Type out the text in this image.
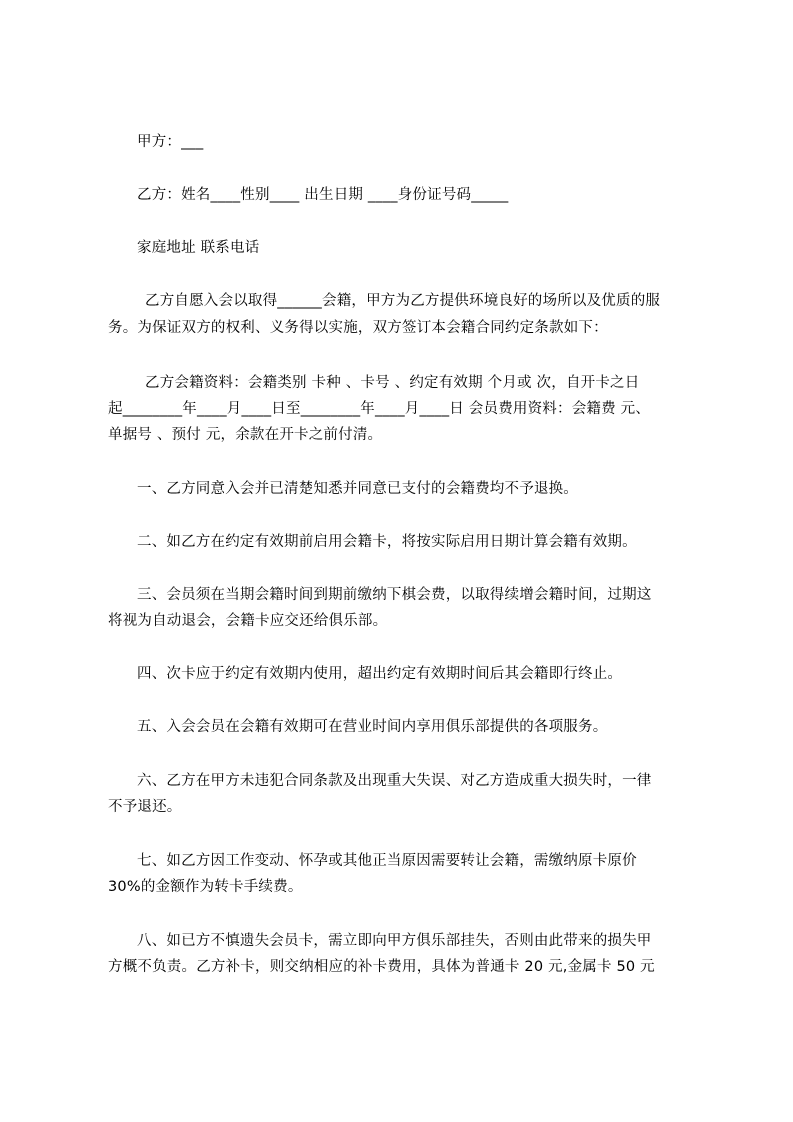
甲方：___
乙方：姓名____性别____ 出生日期 ____身份证号码_____
家庭地址 联系电话
乙方自愿入会以取得______会籍，甲方为乙方提供环境良好的场所以及优质的服
务。为保证双方的权利、义务得以实施，双方签订本会籍合同约定条款如下：
乙方会籍资料：会籍类别 卡种 、卡号 、约定有效期 个月或 次，自开卡之日
起________年____月____日至________年____月____日 会员费用资料：会籍费 元、
单据号 、预付 元，余款在开卡之前付清。
一、乙方同意入会并已清楚知悉并同意已支付的会籍费均不予退换。
二、如乙方在约定有效期前启用会籍卡，将按实际启用日期计算会籍有效期。
三、会员须在当期会籍时间到期前缴纳下棋会费，以取得续增会籍时间，过期这
将视为自动退会，会籍卡应交还给俱乐部。
四、次卡应于约定有效期内使用，超出约定有效期时间后其会籍即行终止。
五、入会会员在会籍有效期可在营业时间内享用俱乐部提供的各项服务。
六、乙方在甲方未违犯合同条款及出现重大失误、对乙方造成重大损失时，一律
不予退还。
七、如乙方因工作变动、怀孕或其他正当原因需要转让会籍，需缴纳原卡原价
30%的金额作为转卡手续费。
八、如已方不慎遗失会员卡，需立即向甲方俱乐部挂失，否则由此带来的损失甲
方概不负责。乙方补卡，则交纳相应的补卡费用，具体为普通卡 20 元,金属卡 50 元
